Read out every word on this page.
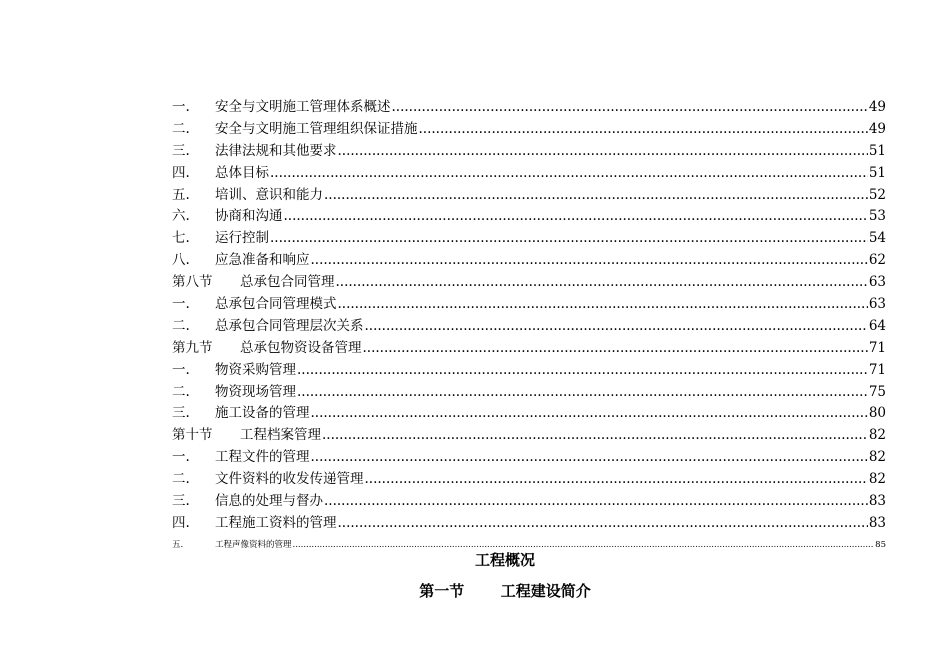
一.	安全与文明施工管理体系概述 .....	49
二.	安全与文明施工管理组织保证措施 .....	49
三.	法律法规和其他要求 .....	51
四.	总体目标 .....	51
五.	培训、意识和能力 .....	52
六.	协商和沟通 .....	53
七.	运行控制 .....	54
八.	应急准备和响应 .....	62
第八节	总承包合同管理 .....	63
一.	总承包合同管理模式 .....	63
二.	总承包合同管理层次关系 .....	64
第九节	总承包物资设备管理 .....	71
一.	物资采购管理 .....	71
二.	物资现场管理 .....	75
三.	施工设备的管理 .....	80
第十节	工程档案管理 .....	82
一.	工程文件的管理 .....	82
二.	文件资料的收发传递管理 .....	82
三.	信息的处理与督办 .....	83
四.	工程施工资料的管理 .....	83
五.	工程声像资料的管理 .....	85
工程概况
第一节 工程建设简介
